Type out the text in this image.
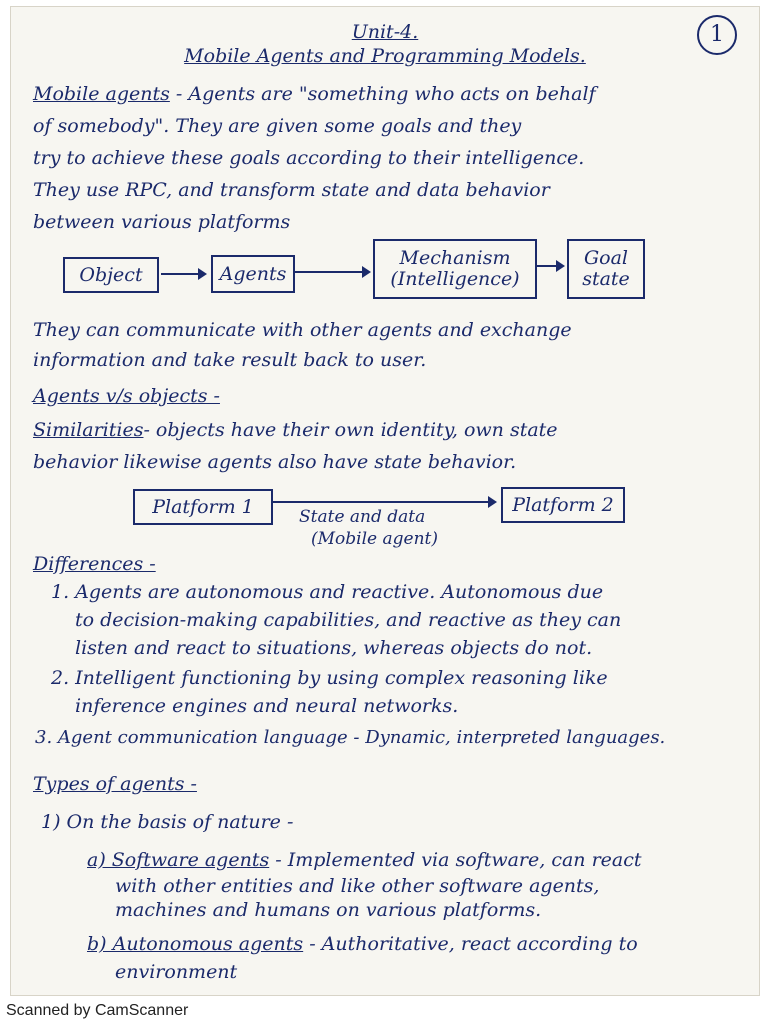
1
Unit-4.
Mobile Agents and Programming Models.
Mobile agents - Agents are "something who acts on behalf
of somebody". They are given some goals and they
try to achieve these goals according to their intelligence.
They use RPC, and transform state and data behavior
between various platforms
Object	Agents
Mechanism
(Intelligence)
Goal
state
They can communicate with other agents and exchange
information and take result back to user.
Agents v/s objects -
Similarities- objects have their own identity, own state
behavior likewise agents also have state behavior.
Platform 1	Platform 2
State and data
(Mobile agent)
Differences -
1. Agents are autonomous and reactive. Autonomous due
to decision-making capabilities, and reactive as they can
listen and react to situations, whereas objects do not.
2. Intelligent functioning by using complex reasoning like
inference engines and neural networks.
3. Agent communication language - Dynamic, interpreted languages.
Types of agents -
1) On the basis of nature -
a) Software agents - Implemented via software, can react
with other entities and like other software agents,
machines and humans on various platforms.
b) Autonomous agents - Authoritative, react according to
environment
Scanned by CamScanner
